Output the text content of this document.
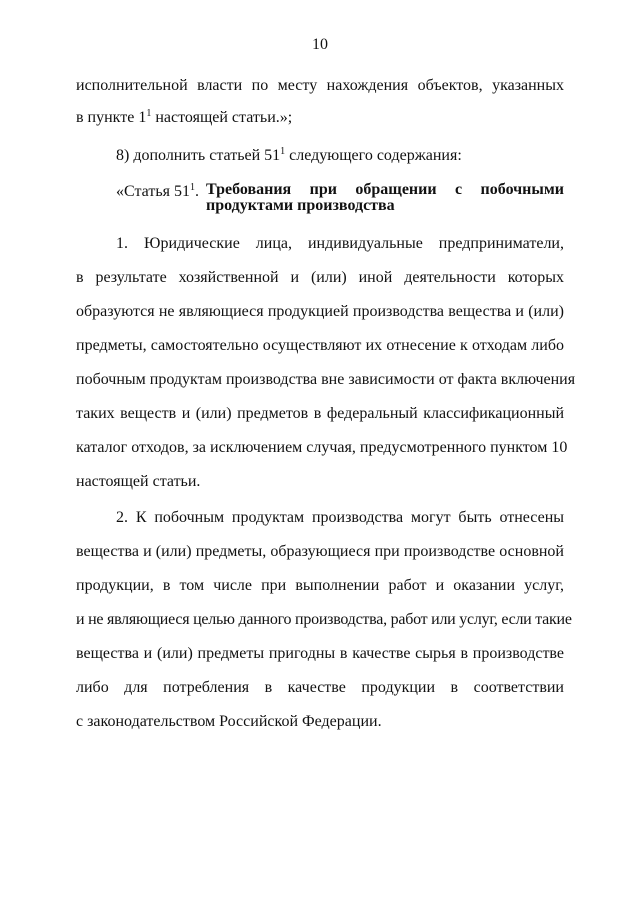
10
исполнительной власти по месту нахождения объектов, указанных
в пункте $1^1$ настоящей статьи.»;
8) дополнить статьей $51^1$ следующего содержания:
«Статья $51^1$. Требования при обращении с побочными
продуктами производства
1. Юридические лица, индивидуальные предприниматели,
в результате хозяйственной и (или) иной деятельности которых
образуются не являющиеся продукцией производства вещества и (или)
предметы, самостоятельно осуществляют их отнесение к отходам либо
побочным продуктам производства вне зависимости от факта включения
таких веществ и (или) предметов в федеральный классификационный
каталог отходов, за исключением случая, предусмотренного пунктом 10
настоящей статьи.
2. К побочным продуктам производства могут быть отнесены
вещества и (или) предметы, образующиеся при производстве основной
продукции, в том числе при выполнении работ и оказании услуг,
и не являющиеся целью данного производства, работ или услуг, если такие
вещества и (или) предметы пригодны в качестве сырья в производстве
либо для потребления в качестве продукции в соответствии
с законодательством Российской Федерации.
